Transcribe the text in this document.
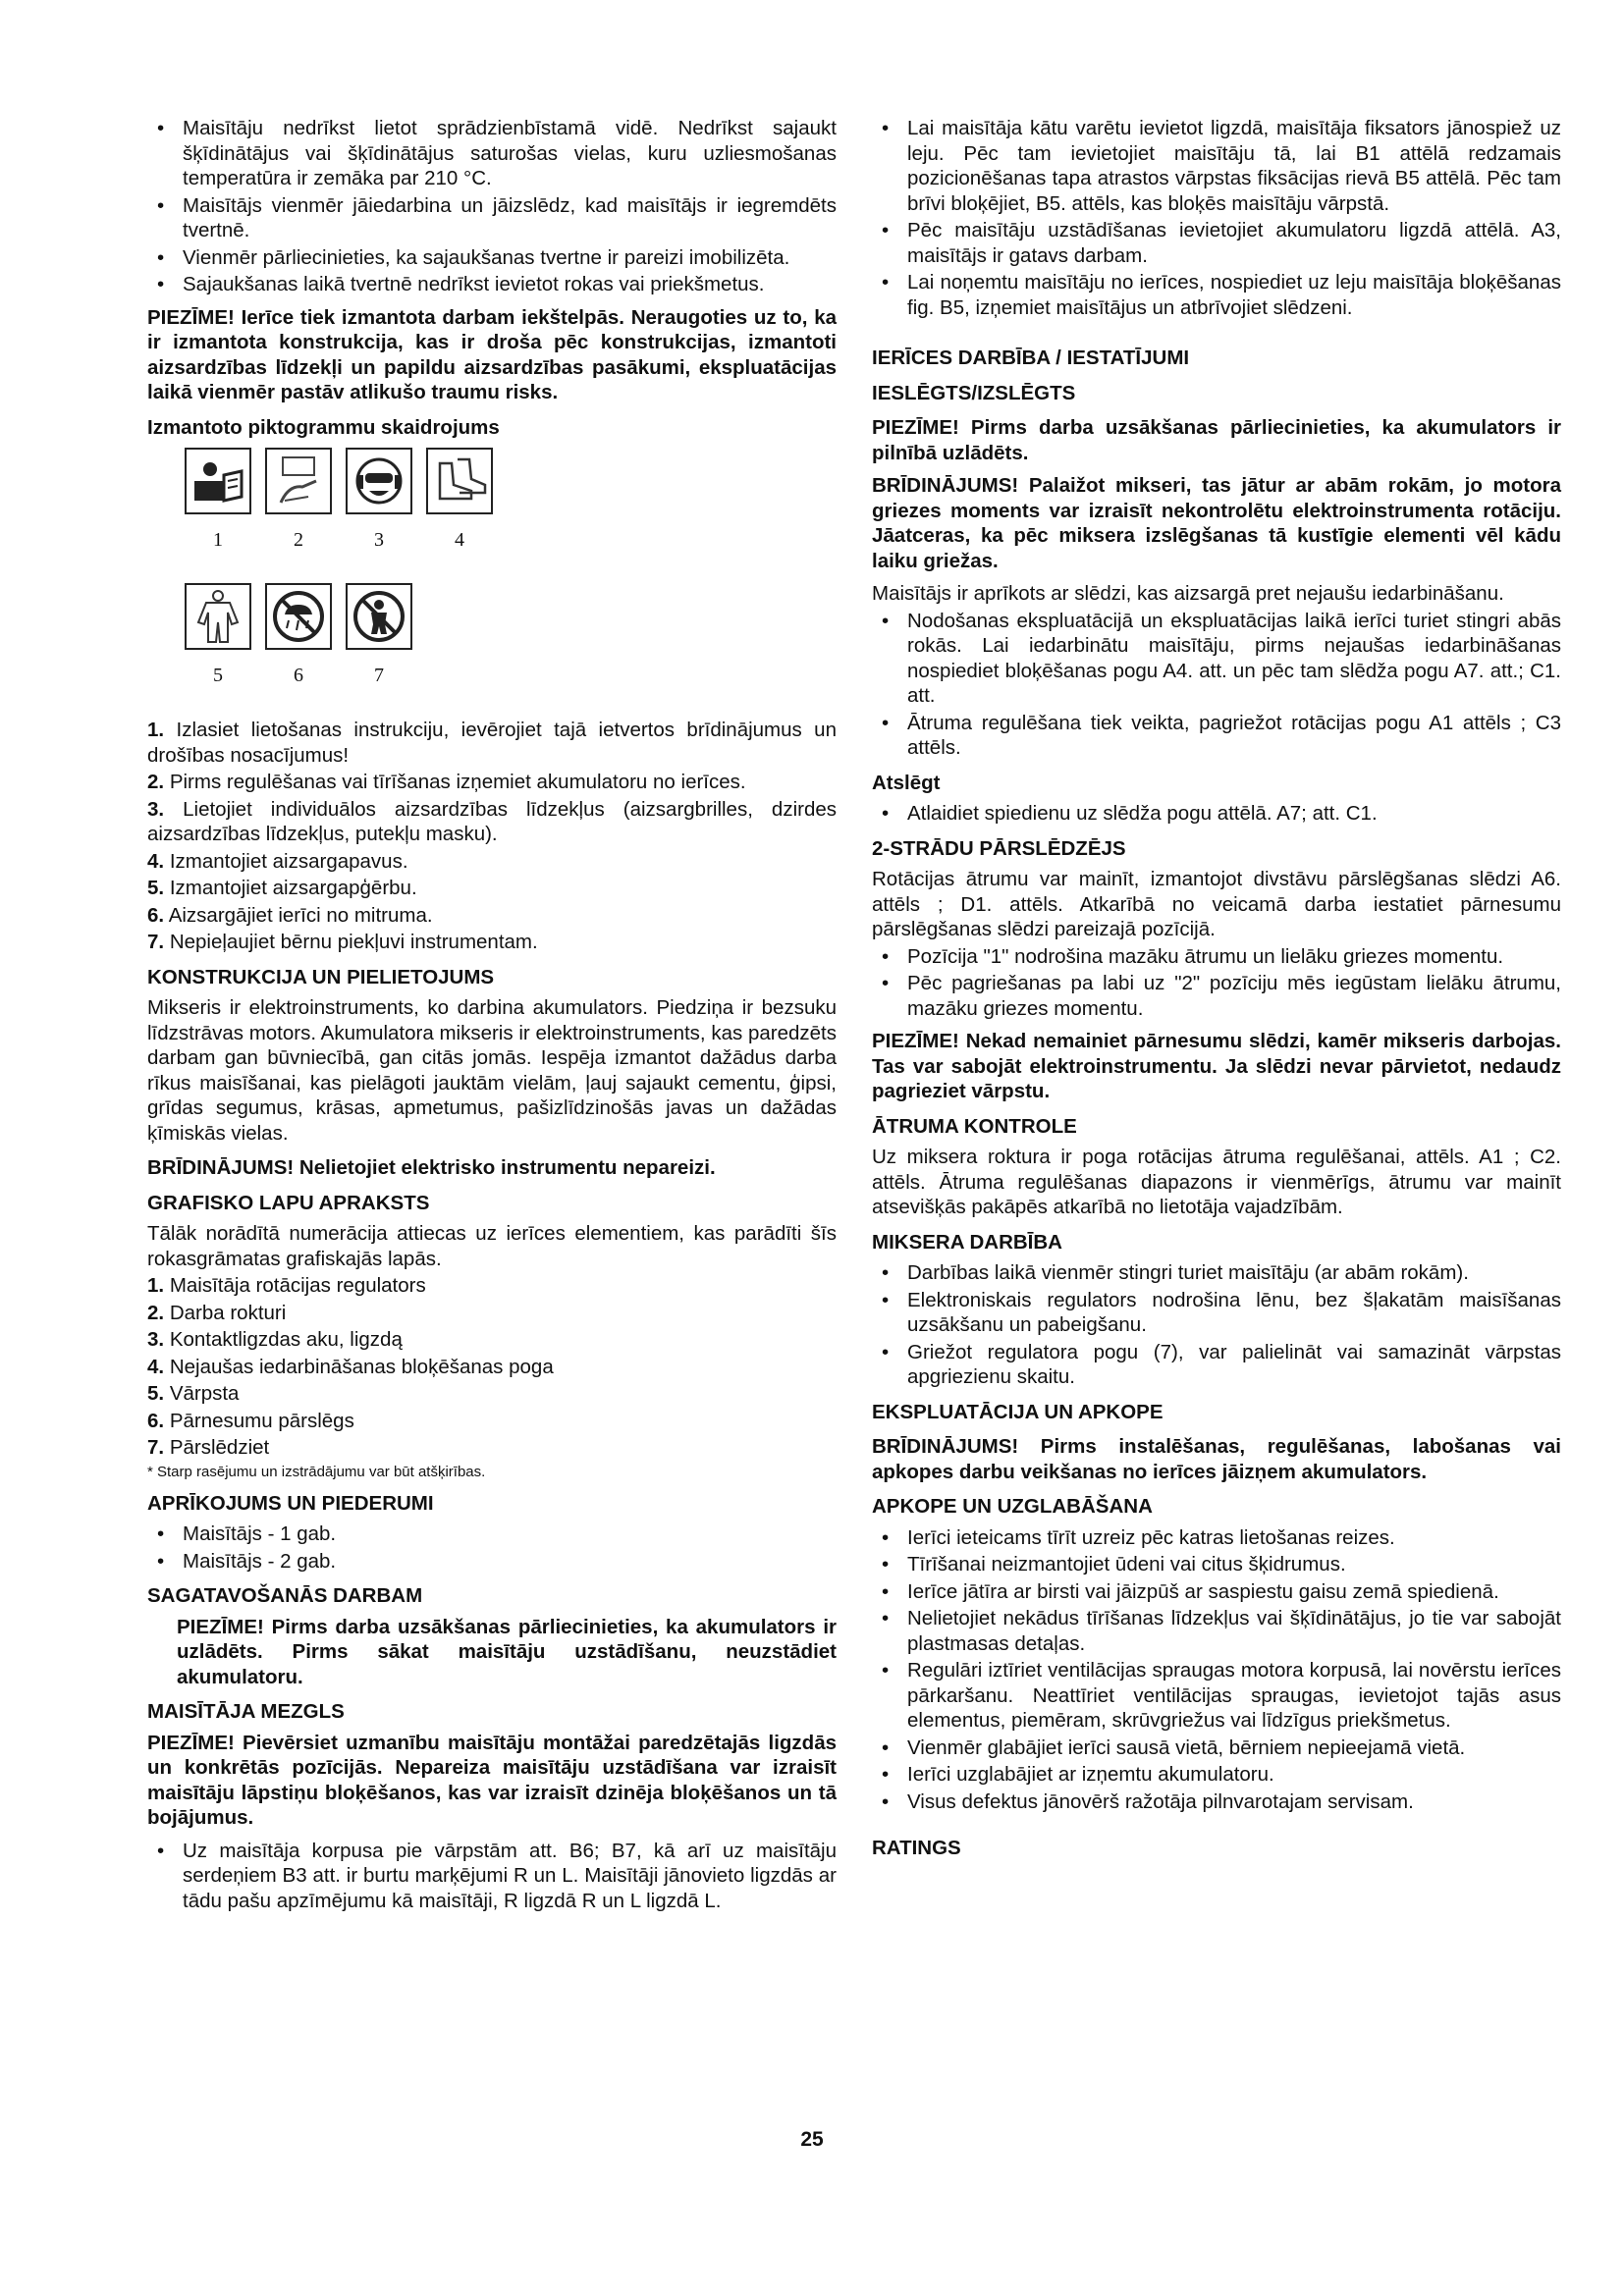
• Maisītāju nedrīkst lietot sprādzienbīstamā vidē. Nedrīkst sajaukt šķīdinātājus vai šķīdinātājus saturošas vielas, kuru uzliesmošanas temperatūra ir zemāka par 210 °C.
• Maisītājs vienmēr jāiedarbina un jāizslēdz, kad maisītājs ir iegremdēts tvertnē.
• Vienmēr pārliecinieties, ka sajaukšanas tvertne ir pareizi imobilizēta.
• Sajaukšanas laikā tvertnē nedrīkst ievietot rokas vai priekšmetus.

PIEZĪME! Ierīce tiek izmantota darbam iekštelpās. Neraugoties uz to, ka ir izmantota konstrukcija, kas ir droša pēc konstrukcijas, izmantoti aizsardzības līdzekļi un papildu aizsardzības pasākumi, ekspluatācijas laikā vienmēr pastāv atlikušo traumu risks.

Izmantoto piktogrammu skaidrojums

1	2	3	4
5	6	7
1. Izlasiet lietošanas instrukciju, ievērojiet tajā ietvertos brīdinājumus un drošības nosacījumus!
2. Pirms regulēšanas vai tīrīšanas izņemiet akumulatoru no ierīces.
3. Lietojiet individuālos aizsardzības līdzekļus (aizsargbrilles, dzirdes aizsardzības līdzekļus, putekļu masku).
4. Izmantojiet aizsargapavus.
5. Izmantojiet aizsargapģērbu.
6. Aizsargājiet ierīci no mitruma.
7. Nepieļaujiet bērnu piekļuvi instrumentam.
KONSTRUKCIJA UN PIELIETOJUMS

Mikseris ir elektroinstruments, ko darbina akumulators. Piedziņa ir bezsuku līdzstrāvas motors. Akumulatora mikseris ir elektroinstruments, kas paredzēts darbam gan būvniecībā, gan citās jomās. Iespēja izmantot dažādus darba rīkus maisīšanai, kas pielāgoti jauktām vielām, ļauj sajaukt cementu, ģipsi, grīdas segumus, krāsas, apmetumus, pašizlīdzinošās javas un dažādas ķīmiskās vielas.

BRĪDINĀJUMS! Nelietojiet elektrisko instrumentu nepareizi.

GRAFISKO LAPU APRAKSTS

Tālāk norādītā numerācija attiecas uz ierīces elementiem, kas parādīti šīs rokasgrāmatas grafiskajās lapās.

1. Maisītāja rotācijas regulators
2. Darba rokturi
3. Kontaktligzdas aku, ligzdą
4. Nejaušas iedarbināšanas bloķēšanas poga
5. Vārpsta
6. Pārnesumu pārslēgs
7. Pārslēdziet
* Starp rasējumu un izstrādājumu var būt atšķirības.
APRĪKOJUMS UN PIEDERUMI
• Maisītājs - 1 gab.
• Maisītājs - 2 gab.
SAGATAVOŠANĀS DARBAM

PIEZĪME! Pirms darba uzsākšanas pārliecinieties, ka akumulators ir uzlādēts. Pirms sākat maisītāju uzstādīšanu, neuzstādiet akumulatoru.

MAISĪTĀJA MEZGLS

PIEZĪME! Pievērsiet uzmanību maisītāju montāžai paredzētajās ligzdās un konkrētās pozīcijās. Nepareiza maisītāju uzstādīšana var izraisīt maisītāju lāpstiņu bloķēšanos, kas var izraisīt dzinēja bloķēšanos un tā bojājumus.

• Uz maisītāja korpusa pie vārpstām att. B6; B7, kā arī uz maisītāju serdeņiem B3 att. ir burtu marķējumi R un L. Maisītāji jānovieto ligzdās ar tādu pašu apzīmējumu kā maisītāji, R ligzdā R un L ligzdā L.
• Lai maisītāja kātu varētu ievietot ligzdā, maisītāja fiksators jānospiež uz leju. Pēc tam ievietojiet maisītāju tā, lai B1 attēlā redzamais pozicionēšanas tapa atrastos vārpstas fiksācijas rievā B5 attēlā. Pēc tam brīvi bloķējiet, B5. attēls, kas bloķēs maisītāju vārpstā.
• Pēc maisītāju uzstādīšanas ievietojiet akumulatoru ligzdā attēlā. A3, maisītājs ir gatavs darbam.
• Lai noņemtu maisītāju no ierīces, nospiediet uz leju maisītāja bloķēšanas fig. B5, izņemiet maisītājus un atbrīvojiet slēdzeni.
IERĪCES DARBĪBA / IESTATĪJUMI
IESLĒGTS/IZSLĒGTS

PIEZĪME! Pirms darba uzsākšanas pārliecinieties, ka akumulators ir pilnībā uzlādēts.

BRĪDINĀJUMS! Palaižot mikseri, tas jātur ar abām rokām, jo motora griezes moments var izraisīt nekontrolētu elektroinstrumenta rotāciju. Jāatceras, ka pēc miksera izslēgšanas tā kustīgie elementi vēl kādu laiku griežas.

Maisītājs ir aprīkots ar slēdzi, kas aizsargā pret nejaušu iedarbināšanu.

• Nodošanas ekspluatācijā un ekspluatācijas laikā ierīci turiet stingri abās rokās. Lai iedarbinātu maisītāju, pirms nejaušas iedarbināšanas nospiediet bloķēšanas pogu A4. att. un pēc tam slēdža pogu A7. att.; C1. att.
• Ātruma regulēšana tiek veikta, pagriežot rotācijas pogu A1 attēls ; C3 attēls.
Atslēgt
• Atlaidiet spiedienu uz slēdža pogu attēlā. A7; att. C1.
2-STRĀDU PĀRSLĒDZĒJS

Rotācijas ātrumu var mainīt, izmantojot divstāvu pārslēgšanas slēdzi A6. attēls ; D1. attēls. Atkarībā no veicamā darba iestatiet pārnesumu pārslēgšanas slēdzi pareizajā pozīcijā.

• Pozīcija "1" nodrošina mazāku ātrumu un lielāku griezes momentu.
• Pēc pagriešanas pa labi uz "2" pozīciju mēs iegūstam lielāku ātrumu, mazāku griezes momentu.

PIEZĪME! Nekad nemainiet pārnesumu slēdzi, kamēr mikseris darbojas. Tas var sabojāt elektroinstrumentu. Ja slēdzi nevar pārvietot, nedaudz pagrieziet vārpstu.

ĀTRUMA KONTROLE

Uz miksera roktura ir poga rotācijas ātruma regulēšanai, attēls. A1 ; C2. attēls. Ātruma regulēšanas diapazons ir vienmērīgs, ātrumu var mainīt atsevišķās pakāpēs atkarībā no lietotāja vajadzībām.

MIKSERA DARBĪBA
• Darbības laikā vienmēr stingri turiet maisītāju (ar abām rokām).
• Elektroniskais regulators nodrošina lēnu, bez šļakatām maisīšanas uzsākšanu un pabeigšanu.
• Griežot regulatora pogu (7), var palielināt vai samazināt vārpstas apgriezienu skaitu.
EKSPLUATĀCIJA UN APKOPE

BRĪDINĀJUMS! Pirms instalēšanas, regulēšanas, labošanas vai apkopes darbu veikšanas no ierīces jāizņem akumulators.

APKOPE UN UZGLABĀŠANA
• Ierīci ieteicams tīrīt uzreiz pēc katras lietošanas reizes.
• Tīrīšanai neizmantojiet ūdeni vai citus šķidrumus.
• Ierīce jātīra ar birsti vai jāizpūš ar saspiestu gaisu zemā spiedienā.
• Nelietojiet nekādus tīrīšanas līdzekļus vai šķīdinātājus, jo tie var sabojāt plastmasas detaļas.
• Regulāri iztīriet ventilācijas spraugas motora korpusā, lai novērstu ierīces pārkaršanu. Neattīriet ventilācijas spraugas, ievietojot tajās asus elementus, piemēram, skrūvgriežus vai līdzīgus priekšmetus.
• Vienmēr glabājiet ierīci sausā vietā, bērniem nepieejamā vietā.
• Ierīci uzglabājiet ar izņemtu akumulatoru.
• Visus defektus jānovērš ražotāja pilnvarotajam servisam.
RATINGS
25
